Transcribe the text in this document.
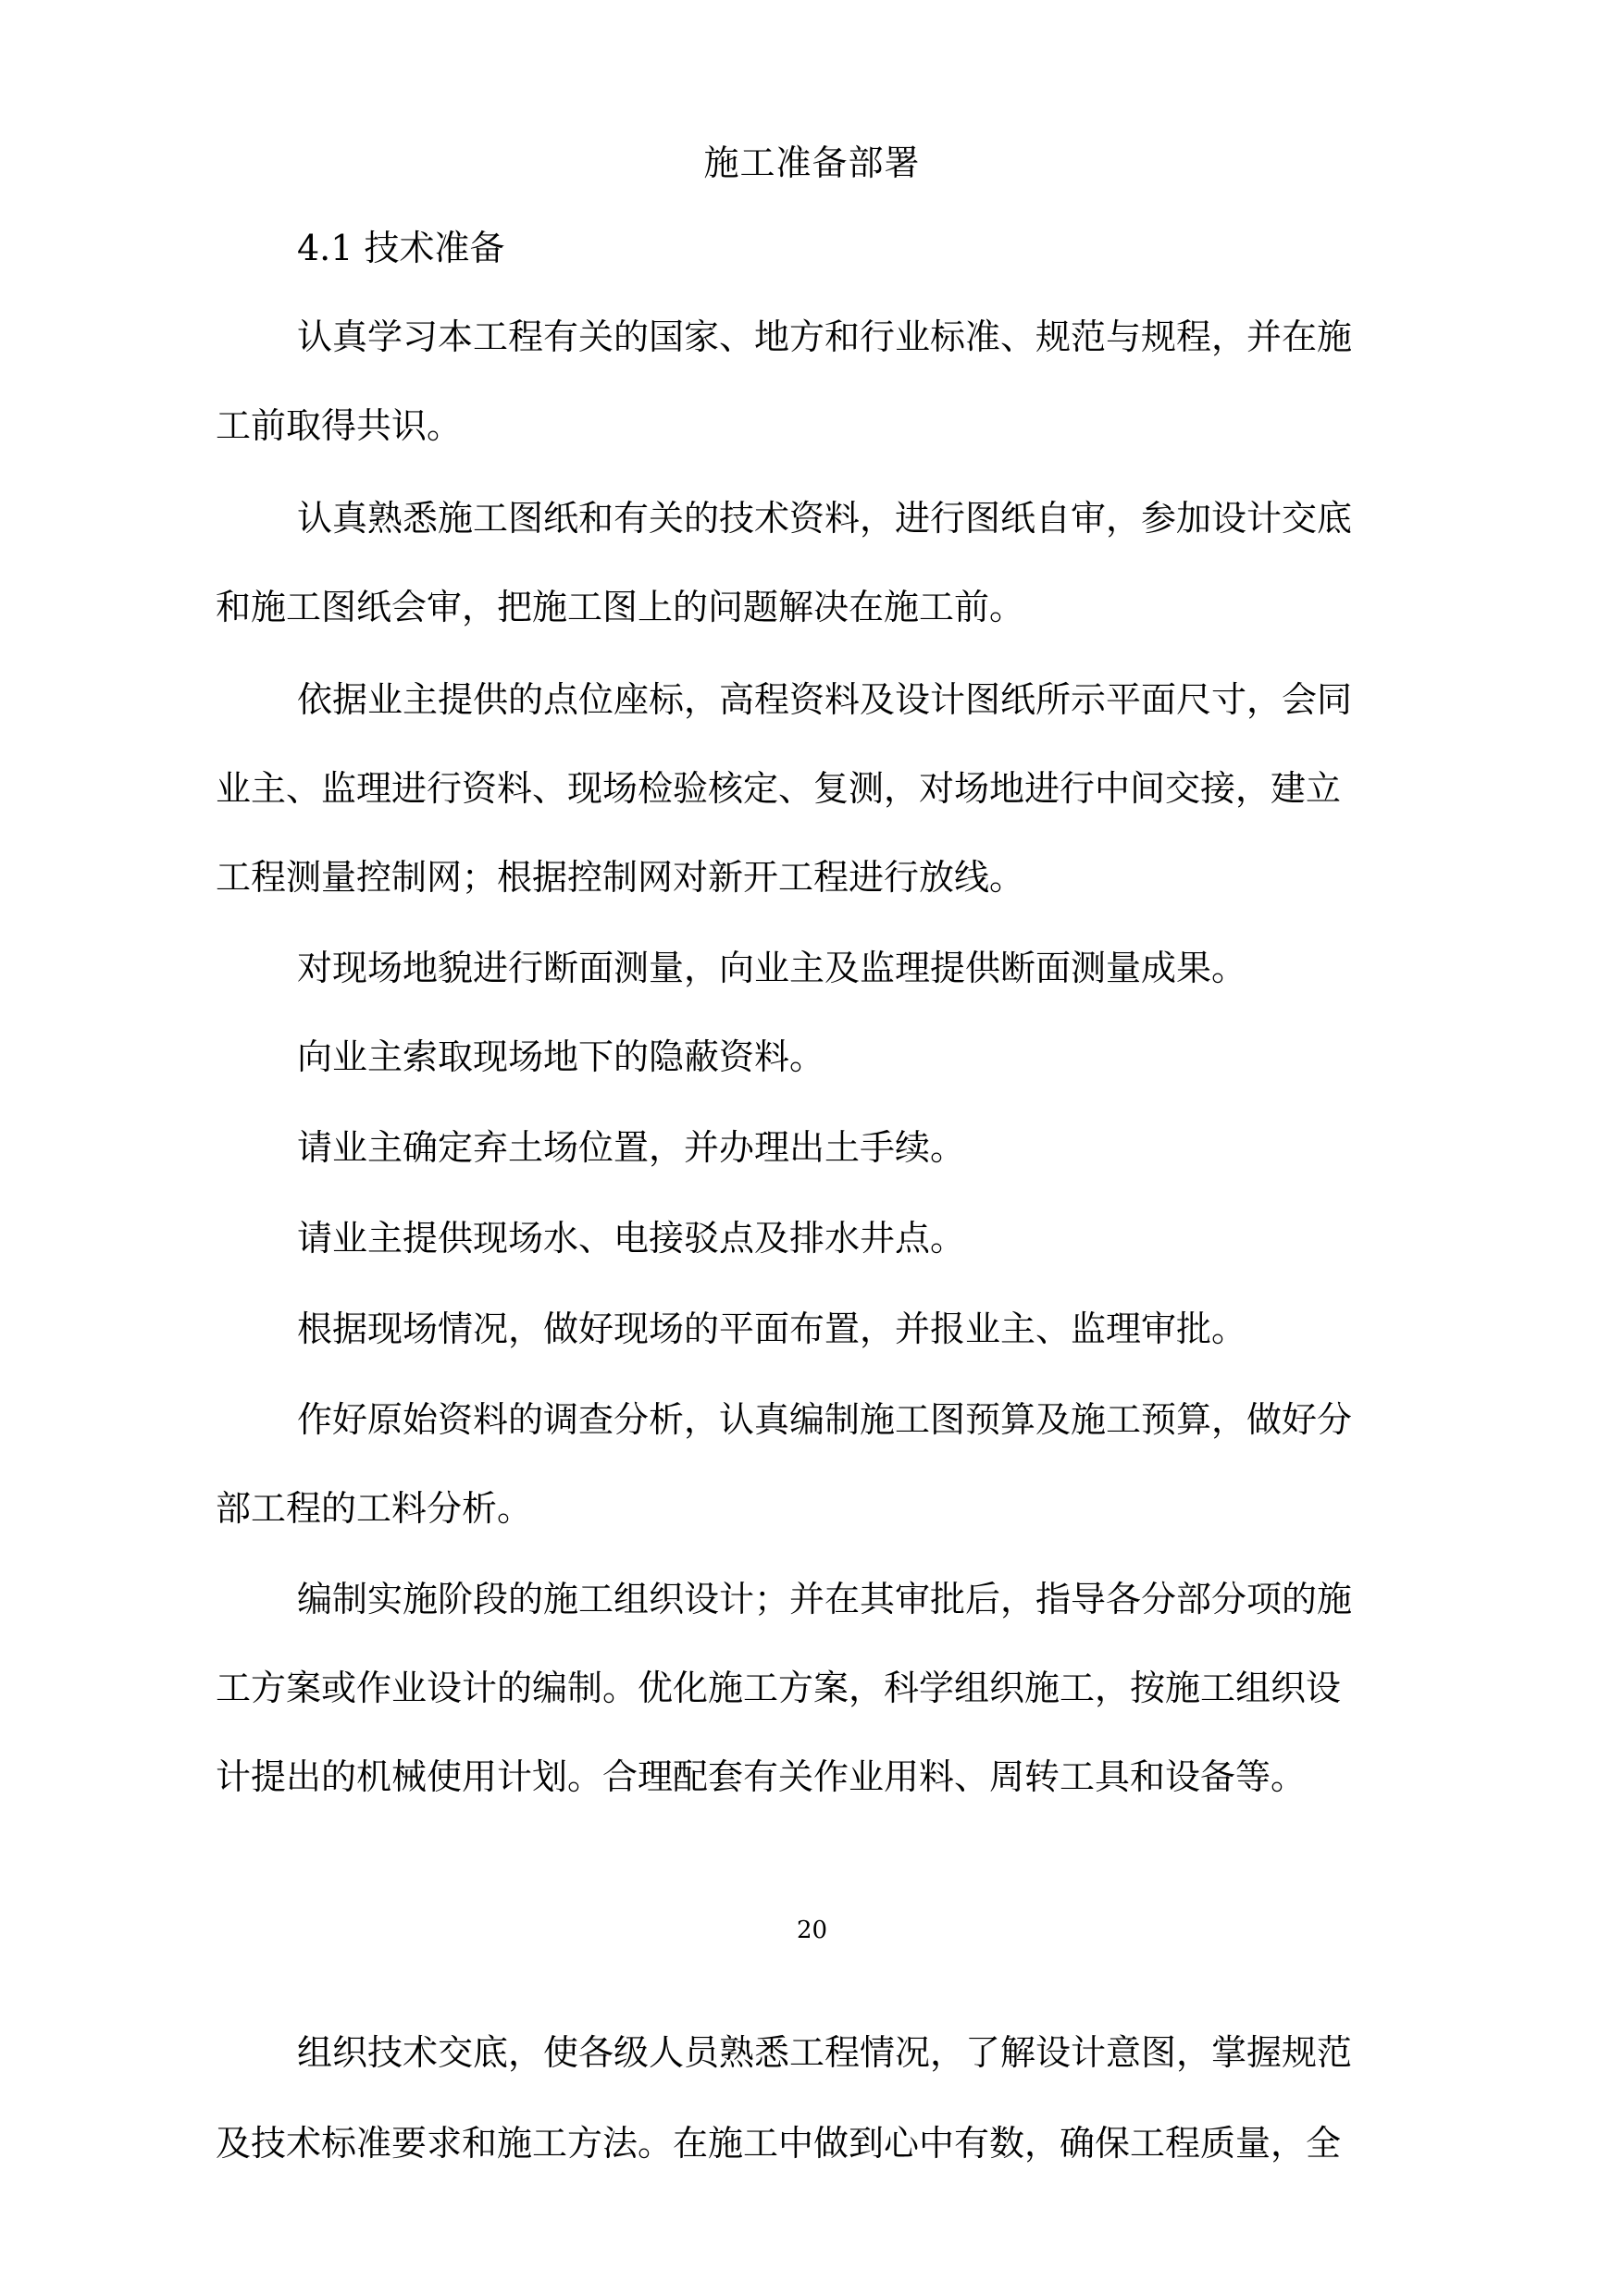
施工准备部署

4.1 技术准备

认真学习本工程有关的国家、地方和行业标准、规范与规程，并在施

工前取得共识。

认真熟悉施工图纸和有关的技术资料，进行图纸自审，参加设计交底

和施工图纸会审，把施工图上的问题解决在施工前。

依据业主提供的点位座标，高程资料及设计图纸所示平面尺寸，会同

业主、监理进行资料、现场检验核定、复测，对场地进行中间交接，建立

工程测量控制网；根据控制网对新开工程进行放线。

对现场地貌进行断面测量，向业主及监理提供断面测量成果。

向业主索取现场地下的隐蔽资料。

请业主确定弃土场位置，并办理出土手续。

请业主提供现场水、电接驳点及排水井点。

根据现场情况，做好现场的平面布置，并报业主、监理审批。

作好原始资料的调查分析，认真编制施工图预算及施工预算，做好分

部工程的工料分析。

编制实施阶段的施工组织设计；并在其审批后，指导各分部分项的施

工方案或作业设计的编制。优化施工方案，科学组织施工，按施工组织设

计提出的机械使用计划。合理配套有关作业用料、周转工具和设备等。

20

组织技术交底，使各级人员熟悉工程情况，了解设计意图，掌握规范

及技术标准要求和施工方法。在施工中做到心中有数，确保工程质量，全
